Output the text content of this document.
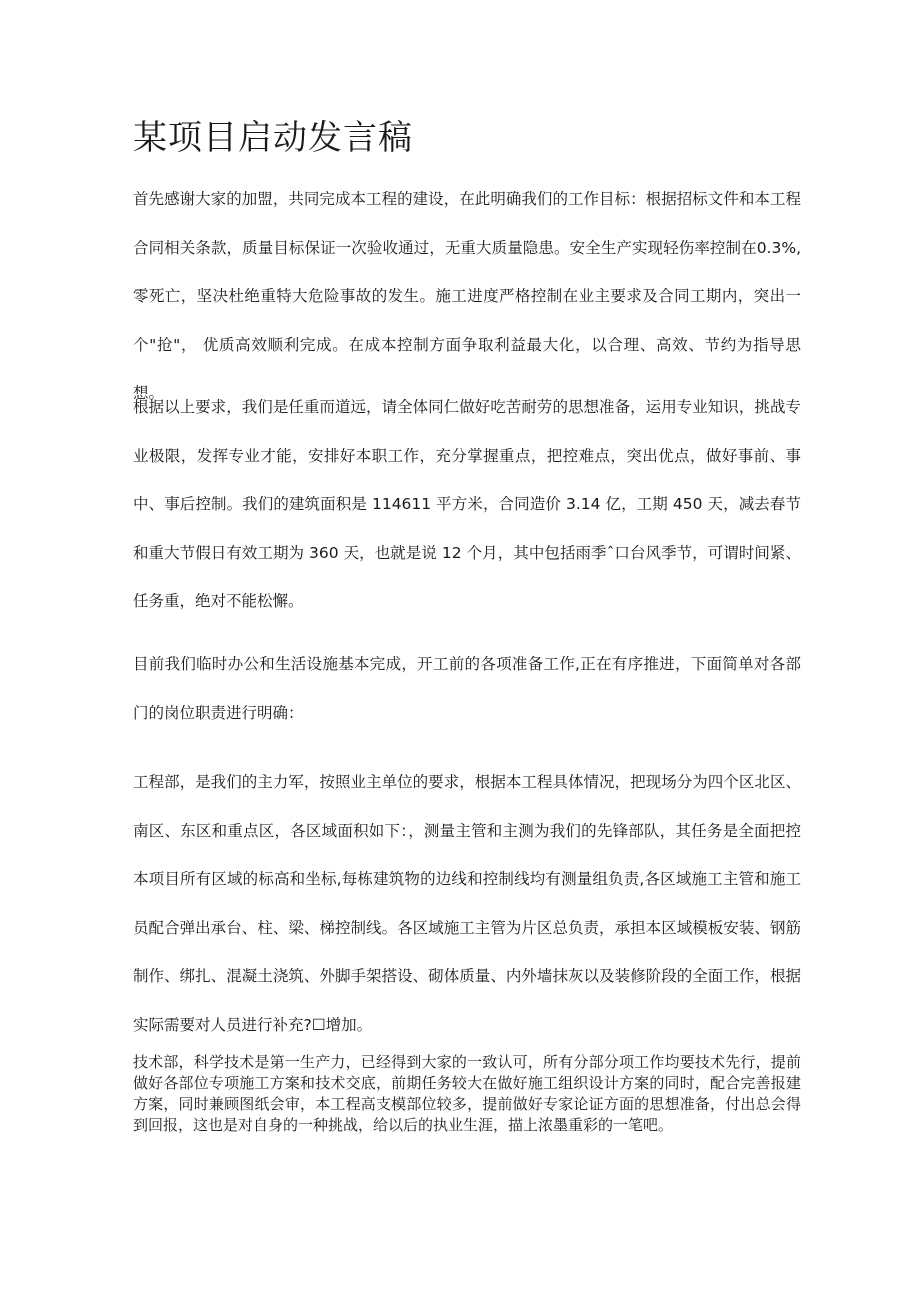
某项目启动发言稿

首先感谢大家的加盟，共同完成本工程的建设，在此明确我们的工作目标：根据招标文件和本工程合同相关条款，质量目标保证一次验收通过，无重大质量隐患。安全生产实现轻伤率控制在0.3%,零死亡，坚决杜绝重特大危险事故的发生。施工进度严格控制在业主要求及合同工期内，突出一个"抢"， 优质高效顺利完成。在成本控制方面争取利益最大化，以合理、高效、节约为指导思想。

根据以上要求，我们是任重而道远，请全体同仁做好吃苦耐劳的思想准备，运用专业知识，挑战专业极限，发挥专业才能，安排好本职工作，充分掌握重点，把控难点，突出优点，做好事前、事中、事后控制。我们的建筑面积是 114611 平方米，合同造价 3.14 亿，工期 450 天，减去春节和重大节假日有效工期为 360 天，也就是说 12 个月，其中包括雨季ˆ口台风季节，可谓时间紧、任务重，绝对不能松懈。

目前我们临时办公和生活设施基本完成，开工前的各项准备工作,正在有序推进，下面简单对各部门的岗位职责进行明确：

工程部，是我们的主力军，按照业主单位的要求，根据本工程具体情况，把现场分为四个区北区、南区、东区和重点区，各区域面积如下：，测量主管和主测为我们的先锋部队，其任务是全面把控本项目所有区域的标高和坐标,每栋建筑物的边线和控制线均有测量组负责,各区域施工主管和施工员配合弹出承台、柱、梁、梯控制线。各区域施工主管为片区总负责，承担本区域模板安装、钢筋制作、绑扎、混凝土浇筑、外脚手架搭设、砌体质量、内外墙抹灰以及装修阶段的全面工作，根据实际需要对人员进行补充?☐增加。

技术部，科学技术是第一生产力，已经得到大家的一致认可，所有分部分项工作均要技术先行，提前做好各部位专项施工方案和技术交底，前期任务较大在做好施工组织设计方案的同时，配合完善报建方案，同时兼顾图纸会审，本工程高支模部位较多，提前做好专家论证方面的思想准备，付出总会得到回报，这也是对自身的一种挑战，给以后的执业生涯，描上浓墨重彩的一笔吧。
